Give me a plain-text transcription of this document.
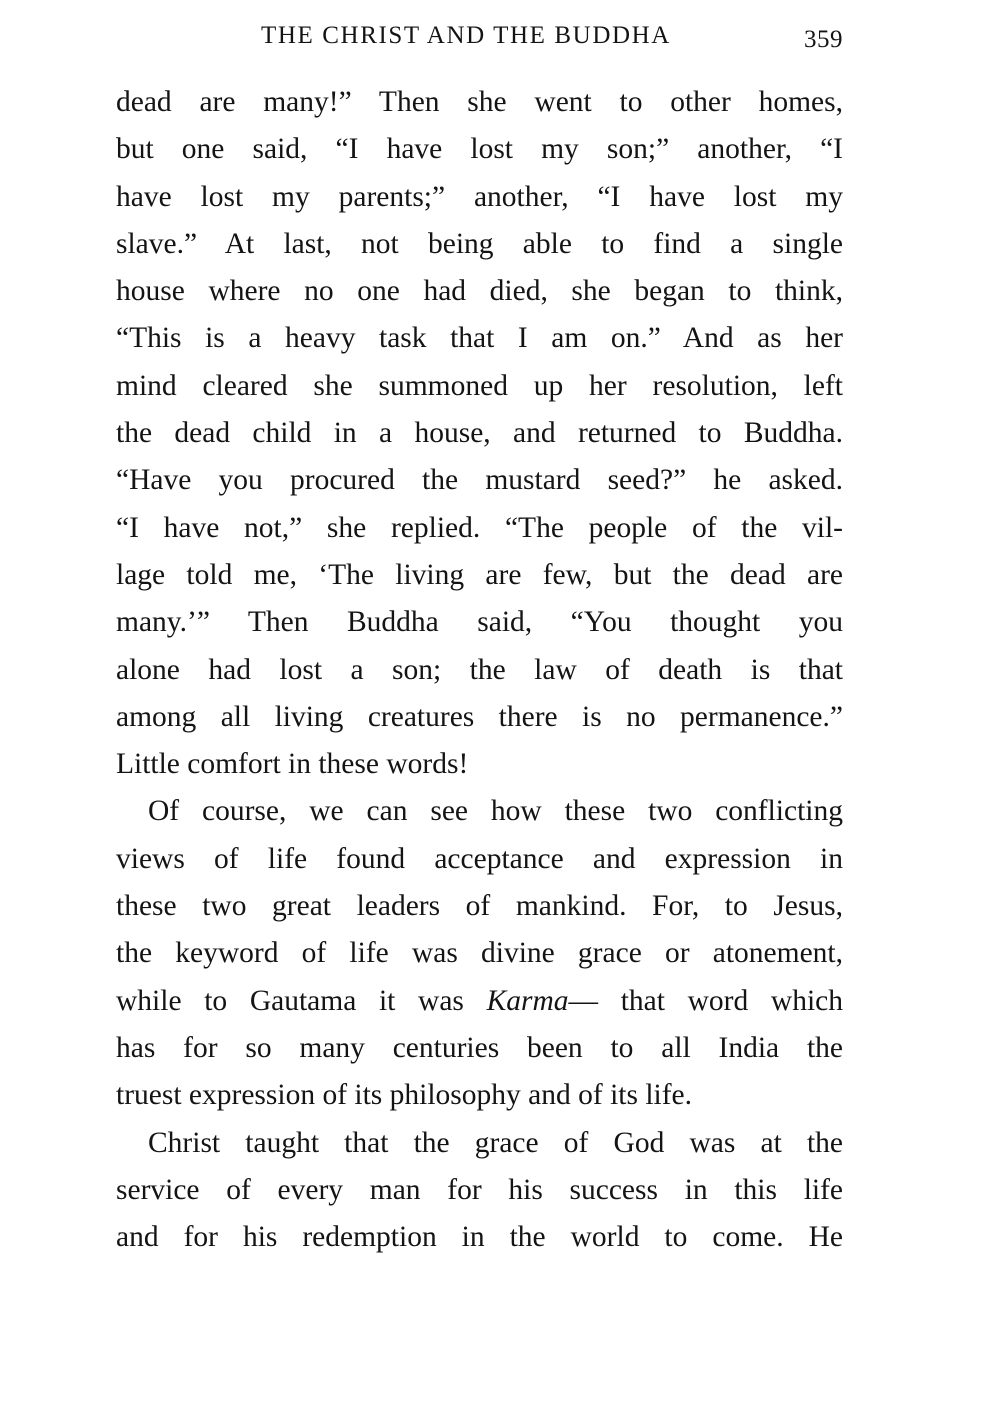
THE CHRIST AND THE BUDDHA	359
dead are many!” Then she went to other homes,
but one said, “I have lost my son;” another, “I
have lost my parents;” another, “I have lost my
slave.” At last, not being able to find a single
house where no one had died, she began to think,
“This is a heavy task that I am on.” And as her
mind cleared she summoned up her resolution, left
the dead child in a house, and returned to Buddha.
“Have you procured the mustard seed?” he asked.
“I have not,” she replied. “The people of the vil-
lage told me, ‘The living are few, but the dead are
many.’” Then Buddha said, “You thought you
alone had lost a son; the law of death is that
among all living creatures there is no permanence.”
Little comfort in these words!
Of course, we can see how these two conflicting
views of life found acceptance and expression in
these two great leaders of mankind. For, to Jesus,
the keyword of life was divine grace or atonement,
while to Gautama it was Karma— that word which
has for so many centuries been to all India the
truest expression of its philosophy and of its life.
Christ taught that the grace of God was at the
service of every man for his success in this life
and for his redemption in the world to come. He
